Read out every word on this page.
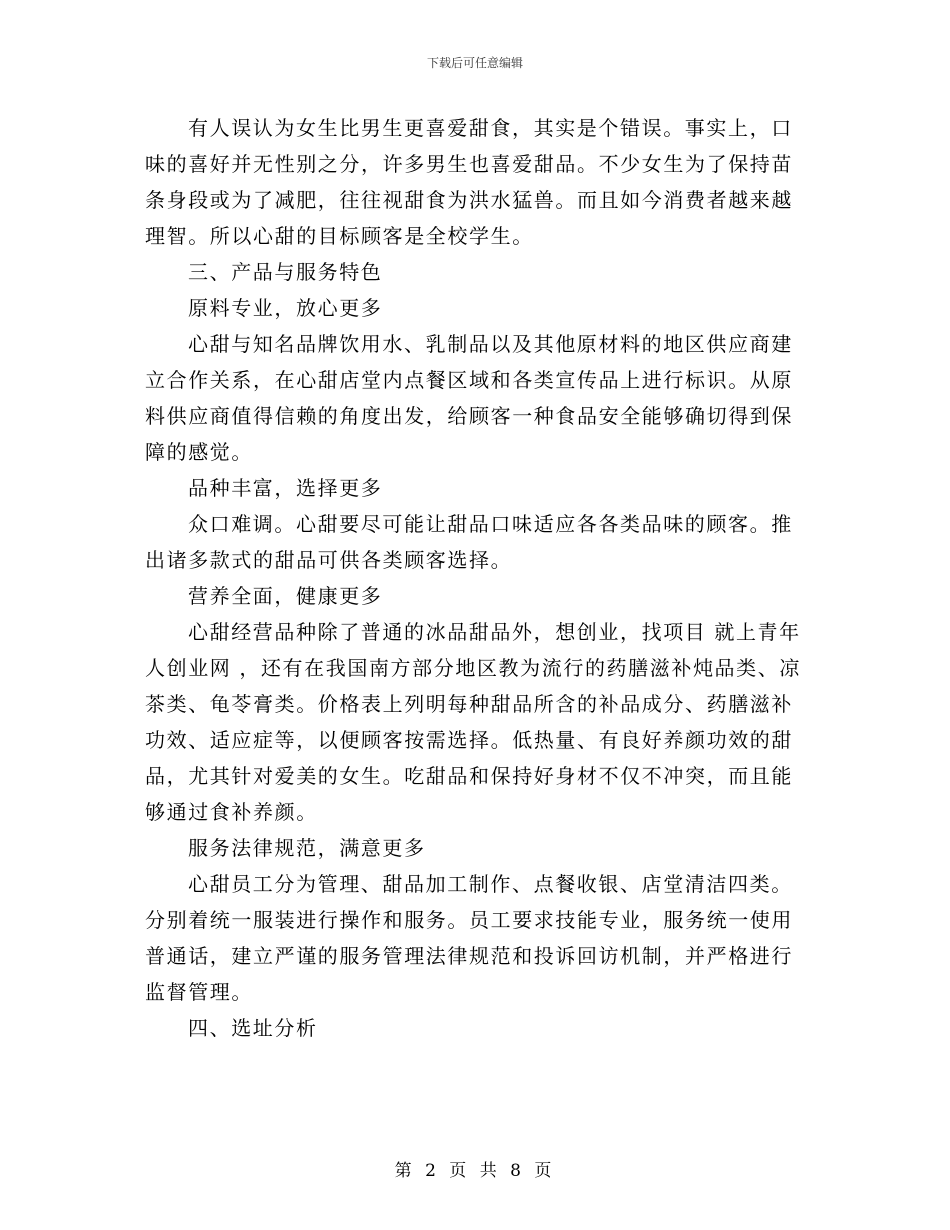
下载后可任意编辑
有人误认为女生比男生更喜爱甜食，其实是个错误。事实上，口
味的喜好并无性别之分，许多男生也喜爱甜品。不少女生为了保持苗
条身段或为了减肥，往往视甜食为洪水猛兽。而且如今消费者越来越
理智。所以心甜的目标顾客是全校学生。
三、产品与服务特色
原料专业，放心更多
心甜与知名品牌饮用水、乳制品以及其他原材料的地区供应商建
立合作关系，在心甜店堂内点餐区域和各类宣传品上进行标识。从原
料供应商值得信赖的角度出发，给顾客一种食品安全能够确切得到保
障的感觉。
品种丰富，选择更多
众口难调。心甜要尽可能让甜品口味适应各各类品味的顾客。推
出诸多款式的甜品可供各类顾客选择。
营养全面，健康更多
心甜经营品种除了普通的冰品甜品外，想创业，找项目 就上青年
人创业网 ，还有在我国南方部分地区教为流行的药膳滋补炖品类、凉
茶类、龟苓膏类。价格表上列明每种甜品所含的补品成分、药膳滋补
功效、适应症等，以便顾客按需选择。低热量、有良好养颜功效的甜
品，尤其针对爱美的女生。吃甜品和保持好身材不仅不冲突，而且能
够通过食补养颜。
服务法律规范，满意更多
心甜员工分为管理、甜品加工制作、点餐收银、店堂清洁四类。
分别着统一服装进行操作和服务。员工要求技能专业，服务统一使用
普通话，建立严谨的服务管理法律规范和投诉回访机制，并严格进行
监督管理。
四、选址分析
第 2 页 共 8 页
